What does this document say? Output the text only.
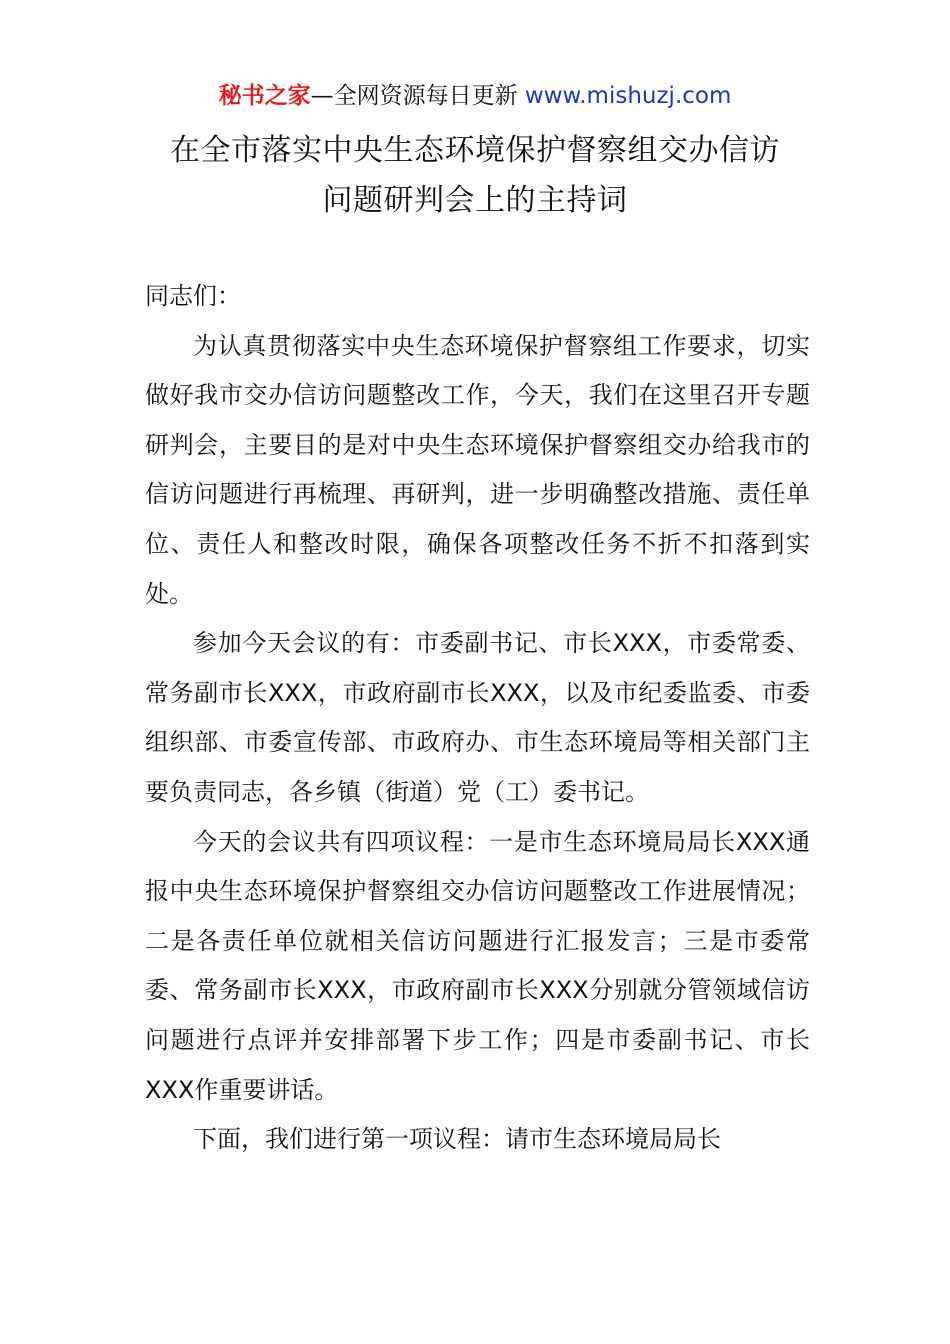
秘书之家—全网资源每日更新 www.mishuzj.com
在全市落实中央生态环境保护督察组交办信访
问题研判会上的主持词

同志们：

为认真贯彻落实中央生态环境保护督察组工作要求，切实做好我市交办信访问题整改工作，今天，我们在这里召开专题研判会，主要目的是对中央生态环境保护督察组交办给我市的信访问题进行再梳理、再研判，进一步明确整改措施、责任单位、责任人和整改时限，确保各项整改任务不折不扣落到实处。

参加今天会议的有：市委副书记、市长XXX，市委常委、常务副市长XXX，市政府副市长XXX，以及市纪委监委、市委组织部、市委宣传部、市政府办、市生态环境局等相关部门主要负责同志，各乡镇（街道）党（工）委书记。

今天的会议共有四项议程：一是市生态环境局局长XXX通报中央生态环境保护督察组交办信访问题整改工作进展情况；二是各责任单位就相关信访问题进行汇报发言；三是市委常委、常务副市长XXX，市政府副市长XXX分别就分管领域信访问题进行点评并安排部署下步工作；四是市委副书记、市长XXX作重要讲话。

下面，我们进行第一项议程：请市生态环境局局长
